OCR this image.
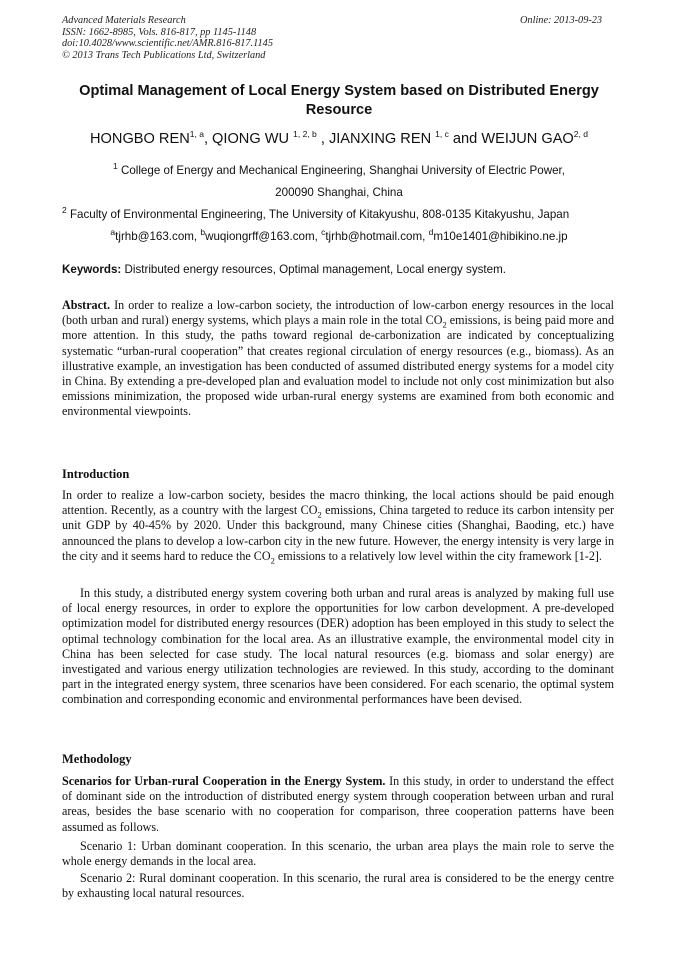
Advanced Materials Research
ISSN: 1662-8985, Vols. 816-817, pp 1145-1148
doi:10.4028/www.scientific.net/AMR.816-817.1145
© 2013 Trans Tech Publications Ltd, Switzerland
Online: 2013-09-23
Optimal Management of Local Energy System based on Distributed Energy Resource
HONGBO REN$^{1, a}$, QIONG WU $^{1, 2, b}$ , JIANXING REN $^{1, c}$ and WEIJUN GAO$^{2, d}$
$^1$ College of Energy and Mechanical Engineering, Shanghai University of Electric Power,
200090 Shanghai, China
$^2$ Faculty of Environmental Engineering, The University of Kitakyushu, 808-0135 Kitakyushu, Japan
$^a$tjrhb@163.com, $^b$wuqiongrff@163.com, $^c$tjrhb@hotmail.com, $^d$m10e1401@hibikino.ne.jp
Keywords: Distributed energy resources, Optimal management, Local energy system.
Abstract. In order to realize a low-carbon society, the introduction of low-carbon energy resources in the local (both urban and rural) energy systems, which plays a main role in the total $CO_2$ emissions, is being paid more and more attention. In this study, the paths toward regional de-carbonization are indicated by conceptualizing systematic “urban-rural cooperation” that creates regional circulation of energy resources (e.g., biomass). As an illustrative example, an investigation has been conducted of assumed distributed energy systems for a model city in China. By extending a pre-developed plan and evaluation model to include not only cost minimization but also emissions minimization, the proposed wide urban-rural energy systems are examined from both economic and environmental viewpoints.
Introduction
In order to realize a low-carbon society, besides the macro thinking, the local actions should be paid enough attention. Recently, as a country with the largest $CO_2$ emissions, China targeted to reduce its carbon intensity per unit GDP by 40-45% by 2020. Under this background, many Chinese cities (Shanghai, Baoding, etc.) have announced the plans to develop a low-carbon city in the new future. However, the energy intensity is very large in the city and it seems hard to reduce the $CO_2$ emissions to a relatively low level within the city framework [1-2].
In this study, a distributed energy system covering both urban and rural areas is analyzed by making full use of local energy resources, in order to explore the opportunities for low carbon development. A pre-developed optimization model for distributed energy resources (DER) adoption has been employed in this study to select the optimal technology combination for the local area. As an illustrative example, the environmental model city in China has been selected for case study. The local natural resources (e.g. biomass and solar energy) are investigated and various energy utilization technologies are reviewed. In this study, according to the dominant part in the integrated energy system, three scenarios have been considered. For each scenario, the optimal system combination and corresponding economic and environmental performances have been devised.
Methodology
Scenarios for Urban-rural Cooperation in the Energy System. In this study, in order to understand the effect of dominant side on the introduction of distributed energy system through cooperation between urban and rural areas, besides the base scenario with no cooperation for comparison, three cooperation patterns have been assumed as follows.
Scenario 1: Urban dominant cooperation. In this scenario, the urban area plays the main role to serve the whole energy demands in the local area.
Scenario 2: Rural dominant cooperation. In this scenario, the rural area is considered to be the energy centre by exhausting local natural resources.
